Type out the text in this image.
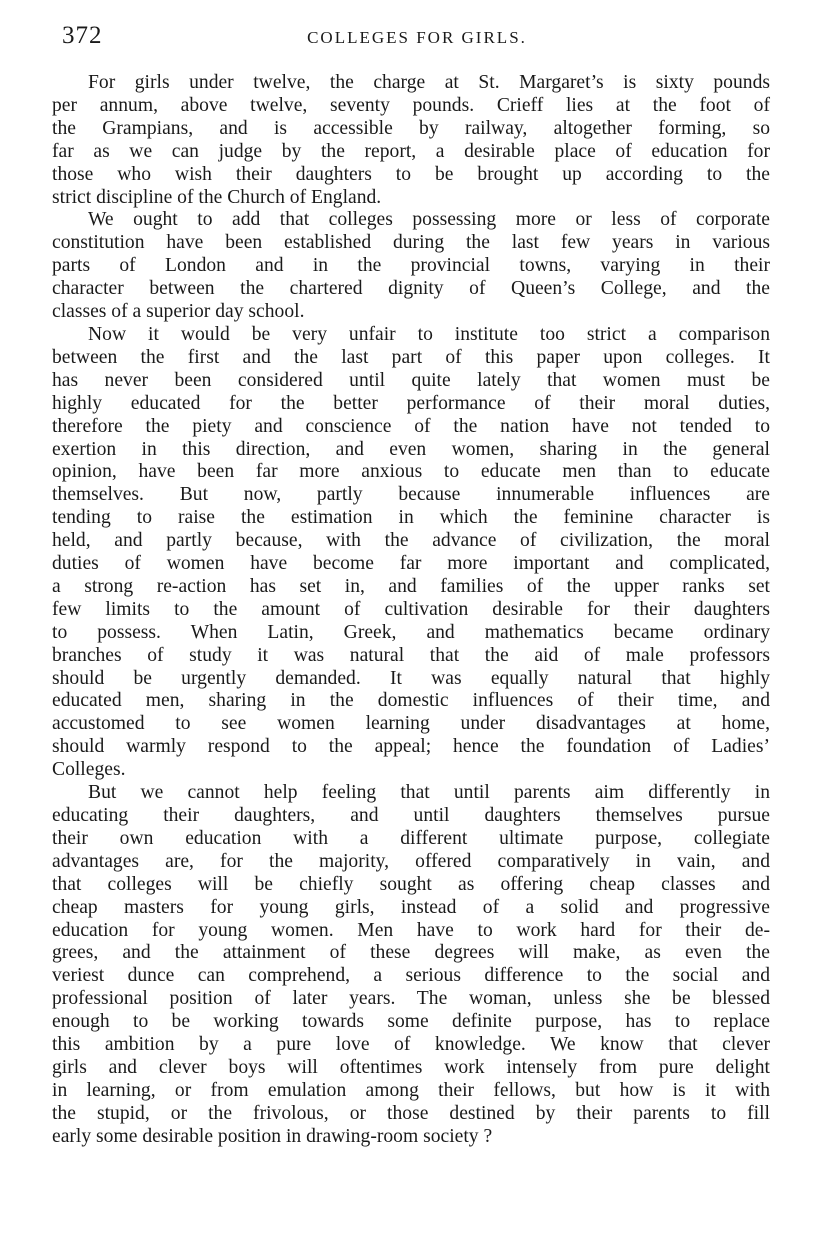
372	COLLEGES FOR GIRLS.
For girls under twelve, the charge at St. Margaret’s is sixty pounds
per annum, above twelve, seventy pounds. Crieff lies at the foot of
the Grampians, and is accessible by railway, altogether forming, so
far as we can judge by the report, a desirable place of education for
those who wish their daughters to be brought up according to the
strict discipline of the Church of England.
We ought to add that colleges possessing more or less of corporate
constitution have been established during the last few years in various
parts of London and in the provincial towns, varying in their
character between the chartered dignity of Queen’s College, and the
classes of a superior day school.
Now it would be very unfair to institute too strict a comparison
between the first and the last part of this paper upon colleges. It
has never been considered until quite lately that women must be
highly educated for the better performance of their moral duties,
therefore the piety and conscience of the nation have not tended to
exertion in this direction, and even women, sharing in the general
opinion, have been far more anxious to educate men than to educate
themselves. But now, partly because innumerable influences are
tending to raise the estimation in which the feminine character is
held, and partly because, with the advance of civilization, the moral
duties of women have become far more important and complicated,
a strong re-action has set in, and families of the upper ranks set
few limits to the amount of cultivation desirable for their daughters
to possess. When Latin, Greek, and mathematics became ordinary
branches of study it was natural that the aid of male professors
should be urgently demanded. It was equally natural that highly
educated men, sharing in the domestic influences of their time, and
accustomed to see women learning under disadvantages at home,
should warmly respond to the appeal; hence the foundation of Ladies’
Colleges.
But we cannot help feeling that until parents aim differently in
educating their daughters, and until daughters themselves pursue
their own education with a different ultimate purpose, collegiate
advantages are, for the majority, offered comparatively in vain, and
that colleges will be chiefly sought as offering cheap classes and
cheap masters for young girls, instead of a solid and progressive
education for young women. Men have to work hard for their de-
grees, and the attainment of these degrees will make, as even the
veriest dunce can comprehend, a serious difference to the social and
professional position of later years. The woman, unless she be blessed
enough to be working towards some definite purpose, has to replace
this ambition by a pure love of knowledge. We know that clever
girls and clever boys will oftentimes work intensely from pure delight
in learning, or from emulation among their fellows, but how is it with
the stupid, or the frivolous, or those destined by their parents to fill
early some desirable position in drawing-room society ?
